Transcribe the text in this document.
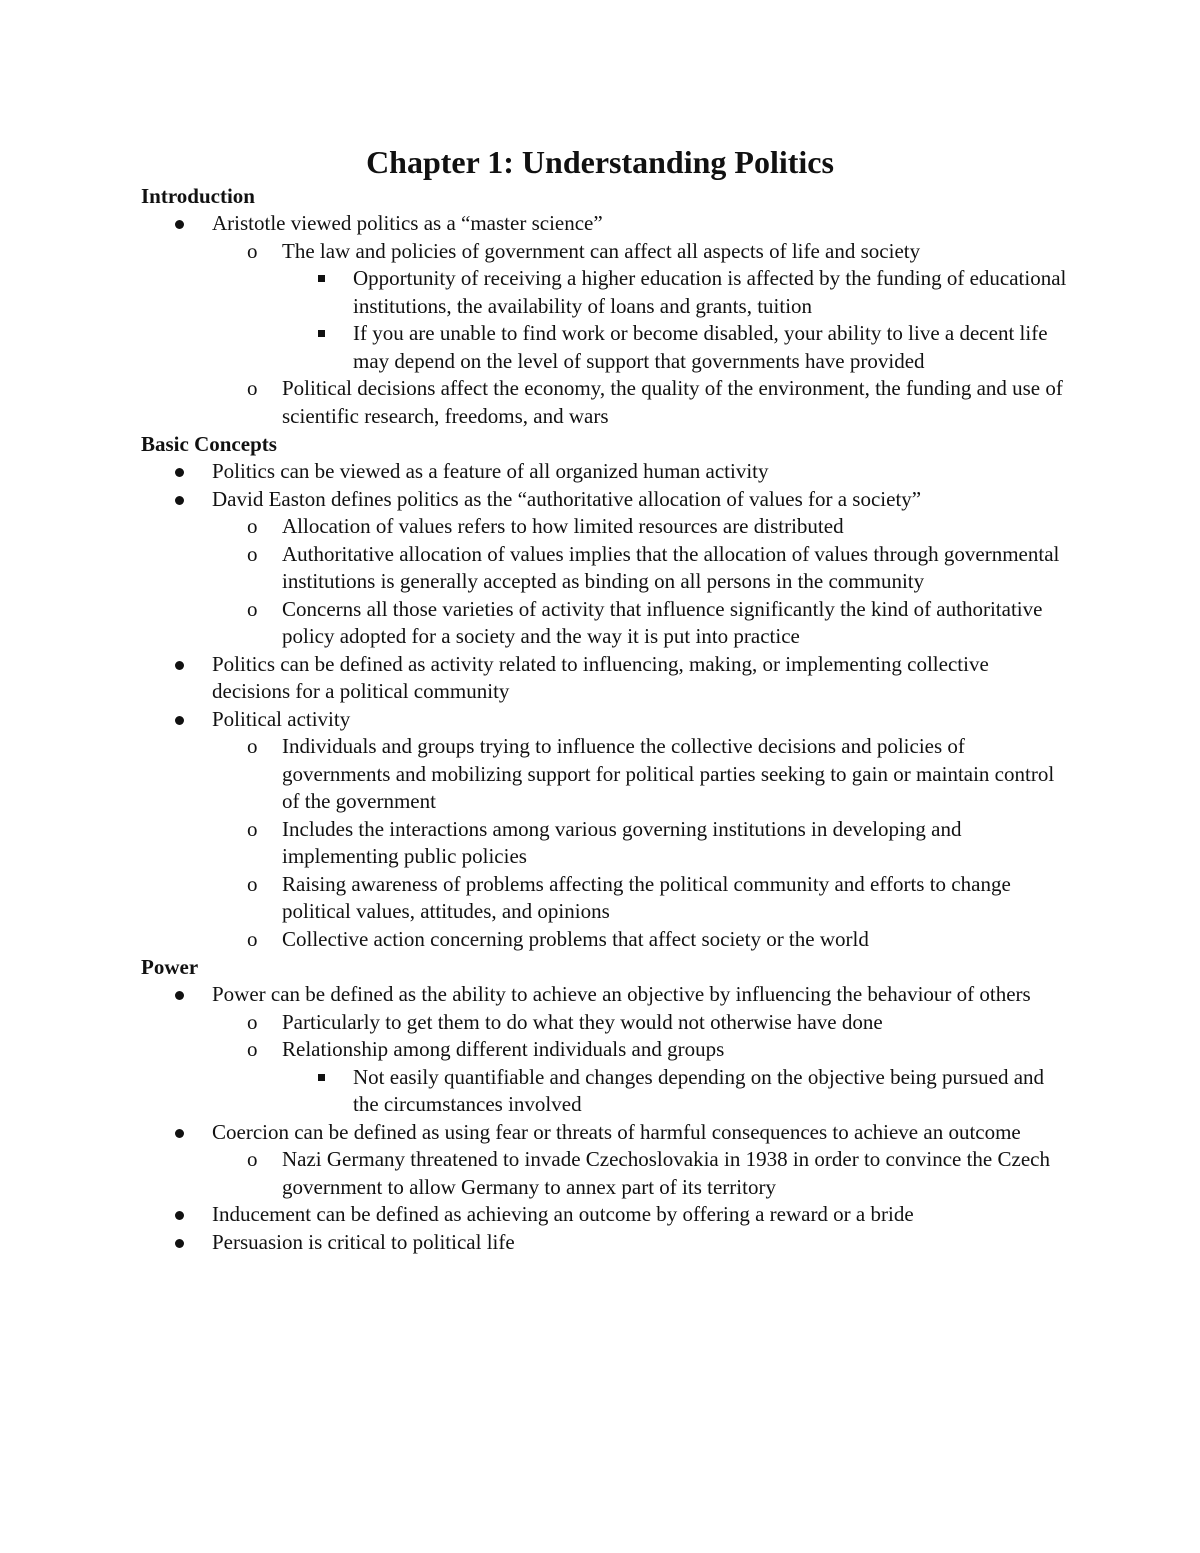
Chapter 1: Understanding Politics
Introduction
Aristotle viewed politics as a “master science”
o The law and policies of government can affect all aspects of life and society
Opportunity of receiving a higher education is affected by the funding of educational institutions, the availability of loans and grants, tuition
If you are unable to find work or become disabled, your ability to live a decent life may depend on the level of support that governments have provided
o Political decisions affect the economy, the quality of the environment, the funding and use of scientific research, freedoms, and wars
Basic Concepts
Politics can be viewed as a feature of all organized human activity
David Easton defines politics as the “authoritative allocation of values for a society”
o Allocation of values refers to how limited resources are distributed
o Authoritative allocation of values implies that the allocation of values through governmental institutions is generally accepted as binding on all persons in the community
o Concerns all those varieties of activity that influence significantly the kind of authoritative policy adopted for a society and the way it is put into practice
Politics can be defined as activity related to influencing, making, or implementing collective decisions for a political community
Political activity
o Individuals and groups trying to influence the collective decisions and policies of governments and mobilizing support for political parties seeking to gain or maintain control of the government
o Includes the interactions among various governing institutions in developing and implementing public policies
o Raising awareness of problems affecting the political community and efforts to change political values, attitudes, and opinions
o Collective action concerning problems that affect society or the world
Power
Power can be defined as the ability to achieve an objective by influencing the behaviour of others
o Particularly to get them to do what they would not otherwise have done
o Relationship among different individuals and groups
Not easily quantifiable and changes depending on the objective being pursued and the circumstances involved
Coercion can be defined as using fear or threats of harmful consequences to achieve an outcome
o Nazi Germany threatened to invade Czechoslovakia in 1938 in order to convince the Czech government to allow Germany to annex part of its territory
Inducement can be defined as achieving an outcome by offering a reward or a bride
Persuasion is critical to political life
